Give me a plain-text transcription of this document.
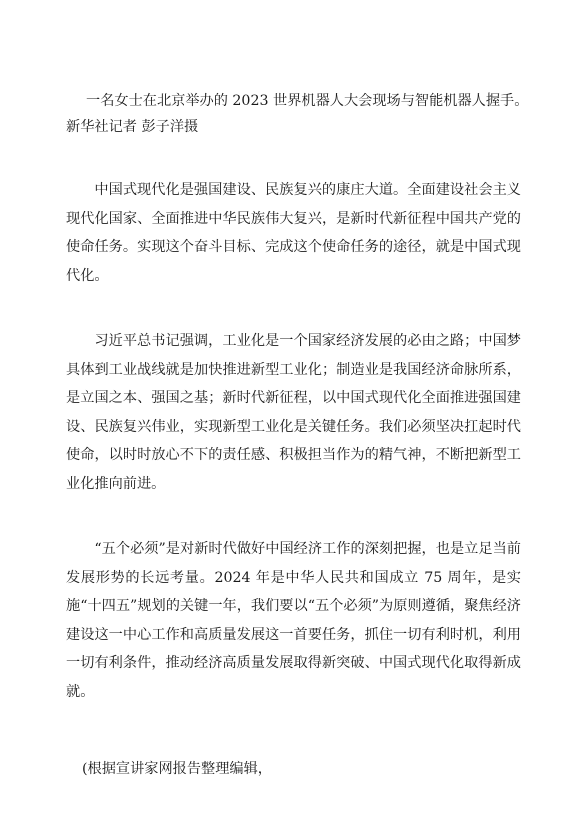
一名女士在北京举办的 2023 世界机器人大会现场与智能机器人握手。
新华社记者 彭子洋摄

中国式现代化是强国建设、民族复兴的康庄大道。全面建设社会主义现代化国家、全面推进中华民族伟大复兴，是新时代新征程中国共产党的使命任务。实现这个奋斗目标、完成这个使命任务的途径，就是中国式现代化。

习近平总书记强调，工业化是一个国家经济发展的必由之路；中国梦具体到工业战线就是加快推进新型工业化；制造业是我国经济命脉所系，是立国之本、强国之基；新时代新征程，以中国式现代化全面推进强国建设、民族复兴伟业，实现新型工业化是关键任务。我们必须坚决扛起时代使命，以时时放心不下的责任感、积极担当作为的精气神，不断把新型工业化推向前进。

“五个必须”是对新时代做好中国经济工作的深刻把握，也是立足当前发展形势的长远考量。2024 年是中华人民共和国成立 75 周年，是实施“十四五”规划的关键一年，我们要以“五个必须”为原则遵循，聚焦经济建设这一中心工作和高质量发展这一首要任务，抓住一切有利时机，利用一切有利条件，推动经济高质量发展取得新突破、中国式现代化取得新成就。

(根据宣讲家网报告整理编辑，
